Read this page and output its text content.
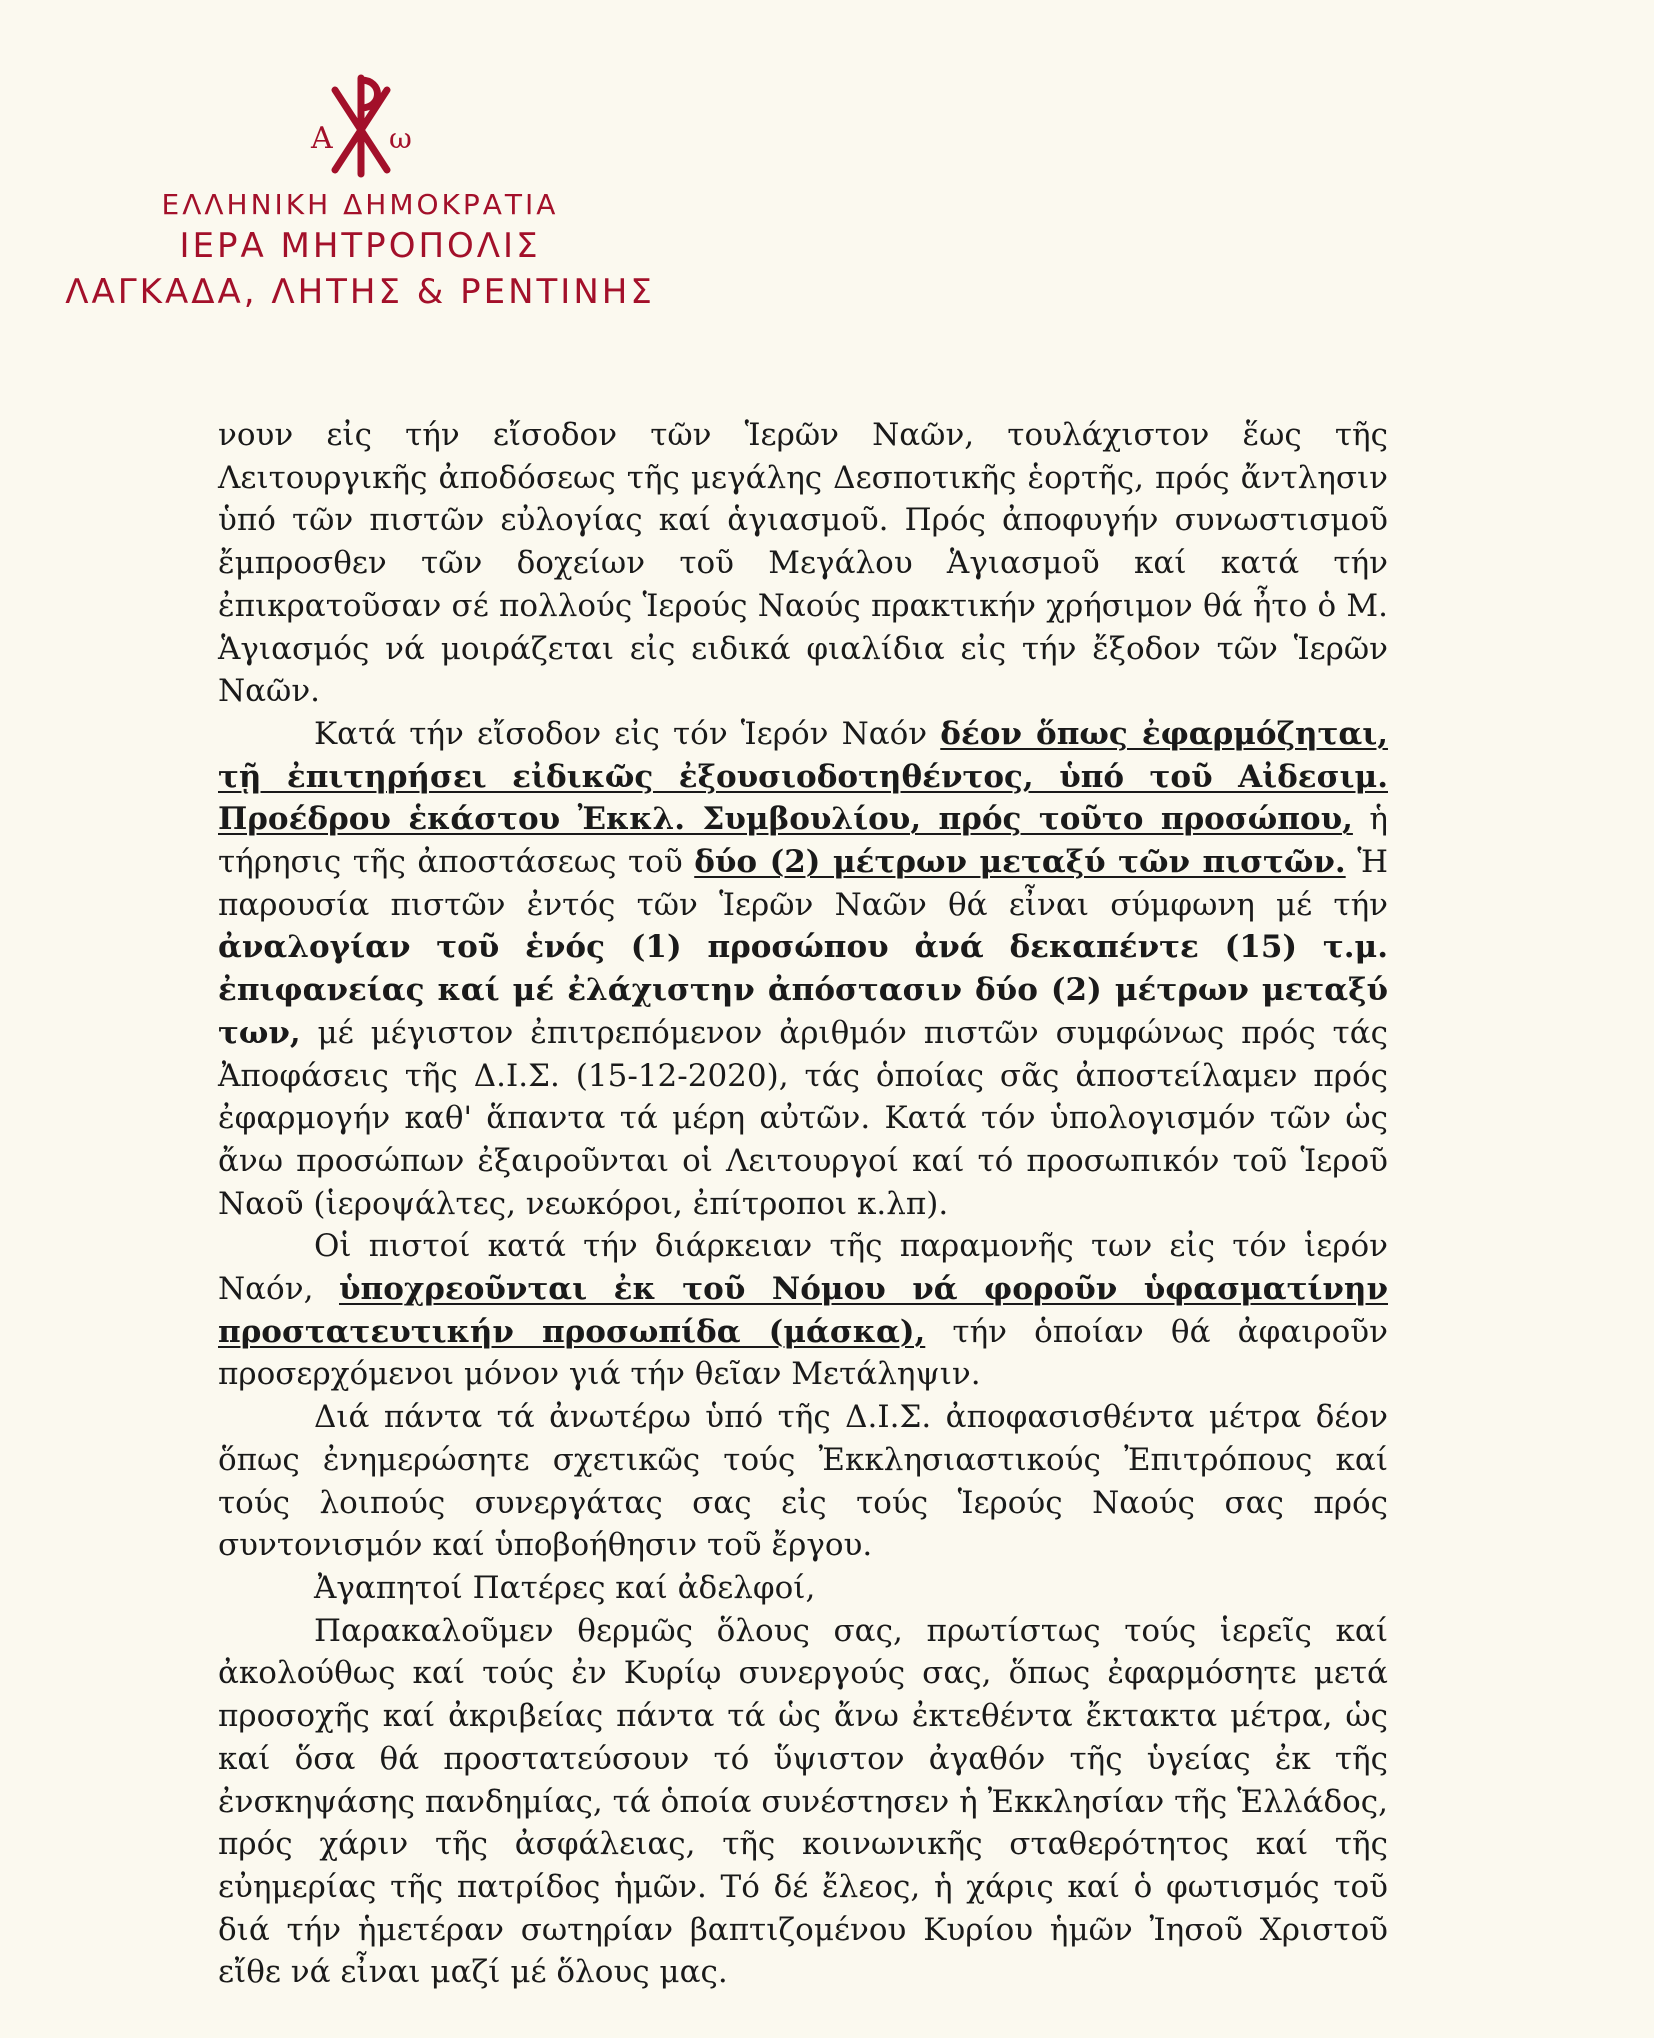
A ω
ΕΛΛΗΝΙΚΗ ΔΗΜΟΚΡΑΤΙΑ
ΙΕΡΑ ΜΗΤΡΟΠΟΛΙΣ
ΛΑΓΚΑΔΑ, ΛΗΤΗΣ & ΡΕΝΤΙΝΗΣ

νουν εἰς τήν εἴσοδον τῶν Ἱερῶν Ναῶν, τουλάχιστον ἕως τῆς Λειτουργικῆς ἀποδόσεως τῆς μεγάλης Δεσποτικῆς ἑορτῆς, πρός ἄντλησιν ὑπό τῶν πιστῶν εὐλογίας καί ἁγιασμοῦ. Πρός ἀποφυγήν συνωστισμοῦ ἔμπροσθεν τῶν δοχείων τοῦ Μεγάλου Ἁγιασμοῦ καί κατά τήν ἐπικρατοῦσαν σέ πολλούς Ἱερούς Ναούς πρακτικήν χρήσιμον θά ἦτο ὁ Μ. Ἁγιασμός νά μοιράζεται εἰς ειδικά φιαλίδια εἰς τήν ἔξοδον τῶν Ἱερῶν Ναῶν.

Κατά τήν εἴσοδον εἰς τόν Ἱερόν Ναόν δέον ὅπως ἐφαρμόζηται, τῇ ἐπιτηρήσει εἰδικῶς ἐξουσιοδοτηθέντος, ὑπό τοῦ Αἰδεσιμ. Προέδρου ἑκάστου Ἐκκλ. Συμβουλίου, πρός τοῦτο προσώπου, ἡ τήρησις τῆς ἀποστάσεως τοῦ δύο (2) μέτρων μεταξύ τῶν πιστῶν. Ἡ παρουσία πιστῶν ἐντός τῶν Ἱερῶν Ναῶν θά εἶναι σύμφωνη μέ τήν ἀναλογίαν τοῦ ἑνός (1) προσώπου ἀνά δεκαπέντε (15) τ.μ. ἐπιφανείας καί μέ ἐλάχιστην ἀπόστασιν δύο (2) μέτρων μεταξύ των, μέ μέγιστον ἐπιτρεπόμενον ἀριθμόν πιστῶν συμφώνως πρός τάς Ἀποφάσεις τῆς Δ.Ι.Σ. (15-12-2020), τάς ὁποίας σᾶς ἀποστείλαμεν πρός ἐφαρμογήν καθ' ἅπαντα τά μέρη αὐτῶν. Κατά τόν ὑπολογισμόν τῶν ὡς ἄνω προσώπων ἐξαιροῦνται οἱ Λειτουργοί καί τό προσωπικόν τοῦ Ἱεροῦ Ναοῦ (ἱεροψάλτες, νεωκόροι, ἐπίτροποι κ.λπ).

Οἱ πιστοί κατά τήν διάρκειαν τῆς παραμονῆς των εἰς τόν ἱερόν Ναόν, ὑποχρεοῦνται ἐκ τοῦ Νόμου νά φοροῦν ὑφασματίνην προστατευτικήν προσωπίδα (μάσκα), τήν ὁποίαν θά ἀφαιροῦν προσερχόμενοι μόνον γιά τήν θεῖαν Μετάληψιν.

Διά πάντα τά ἀνωτέρω ὑπό τῆς Δ.Ι.Σ. ἀποφασισθέντα μέτρα δέον ὅπως ἐνημερώσητε σχετικῶς τούς Ἐκκλησιαστικούς Ἐπιτρόπους καί τούς λοιπούς συνεργάτας σας εἰς τούς Ἱερούς Ναούς σας πρός συντονισμόν καί ὑποβοήθησιν τοῦ ἔργου.

Ἀγαπητοί Πατέρες καί ἀδελφοί,

Παρακαλοῦμεν θερμῶς ὅλους σας, πρωτίστως τούς ἱερεῖς καί ἀκολούθως καί τούς ἐν Κυρίῳ συνεργούς σας, ὅπως ἐφαρμόσητε μετά προσοχῆς καί ἀκριβείας πάντα τά ὡς ἄνω ἐκτεθέντα ἔκτακτα μέτρα, ὡς καί ὅσα θά προστατεύσουν τό ὕψιστον ἀγαθόν τῆς ὑγείας ἐκ τῆς ἐνσκηψάσης πανδημίας, τά ὁποία συνέστησεν ἡ Ἐκκλησίαν τῆς Ἑλλάδος, πρός χάριν τῆς ἀσφάλειας, τῆς κοινωνικῆς σταθερότητος καί τῆς εὐημερίας τῆς πατρίδος ἡμῶν. Τό δέ ἔλεος, ἡ χάρις καί ὁ φωτισμός τοῦ διά τήν ἡμετέραν σωτηρίαν βαπτιζομένου Κυρίου ἡμῶν Ἰησοῦ Χριστοῦ εἴθε νά εἶναι μαζί μέ ὅλους μας.
